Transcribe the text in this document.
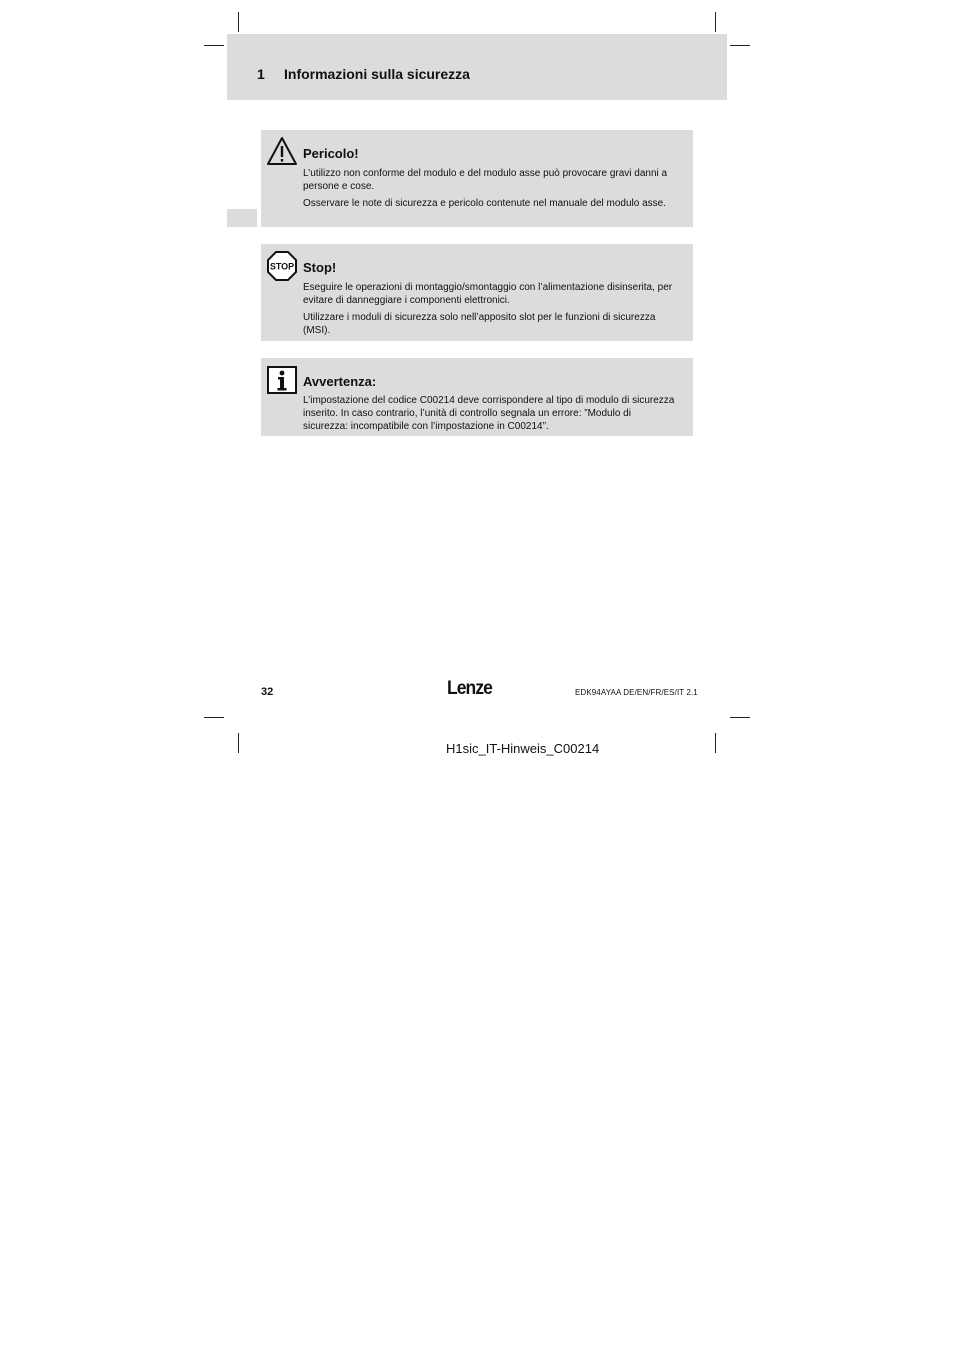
1 Informazioni sulla sicurezza
Pericolo!

L’utilizzo non conforme del modulo e del modulo asse può provocare gravi danni a persone e cose.

Osservare le note di sicurezza e pericolo contenute nel manuale del modulo asse.

STOP Stop!

Eseguire le operazioni di montaggio/smontaggio con l’alimentazione disinserita, per evitare di danneggiare i componenti elettronici.

Utilizzare i moduli di sicurezza solo nell’apposito slot per le funzioni di sicurezza (MSI).

Avvertenza:

L’impostazione del codice C00214 deve corrispondere al tipo di modulo di sicurezza inserito. In caso contrario, l’unità di controllo segnala un errore: ”Modulo di sicurezza: incompatibile con l’impostazione in C00214”.

32	Lenze	EDK94AYAA DE/EN/FR/ES/IT 2.1
H1sic_IT-Hinweis_C00214
